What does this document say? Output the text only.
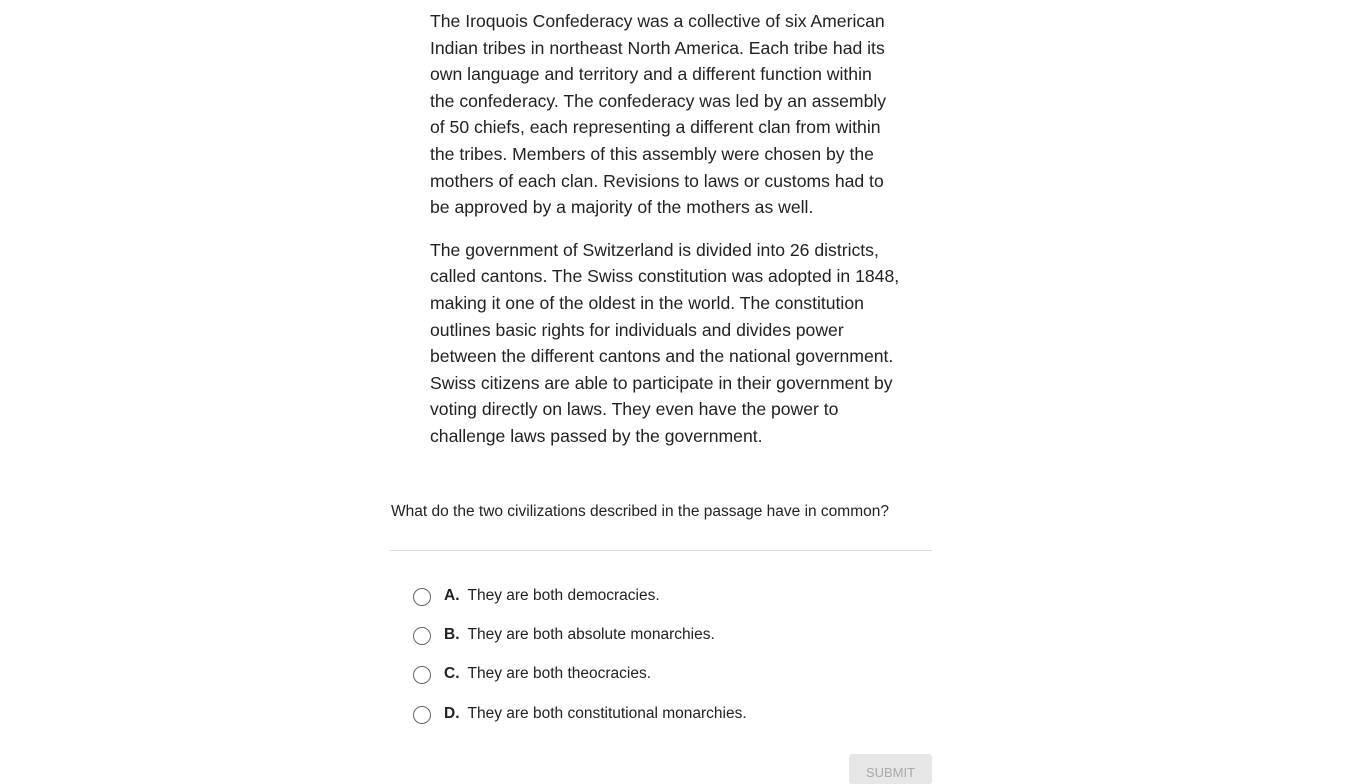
The Iroquois Confederacy was a collective of six American Indian tribes in northeast North America. Each tribe had its own language and territory and a different function within the confederacy. The confederacy was led by an assembly of 50 chiefs, each representing a different clan from within the tribes. Members of this assembly were chosen by the mothers of each clan. Revisions to laws or customs had to be approved by a majority of the mothers as well.

The government of Switzerland is divided into 26 districts, called cantons. The Swiss constitution was adopted in 1848, making it one of the oldest in the world. The constitution outlines basic rights for individuals and divides power between the different cantons and the national government. Swiss citizens are able to participate in their government by voting directly on laws. They even have the power to challenge laws passed by the government.

What do the two civilizations described in the passage have in common?
A. They are both democracies.
B. They are both absolute monarchies.
C. They are both theocracies.
D. They are both constitutional monarchies.
SUBMIT
